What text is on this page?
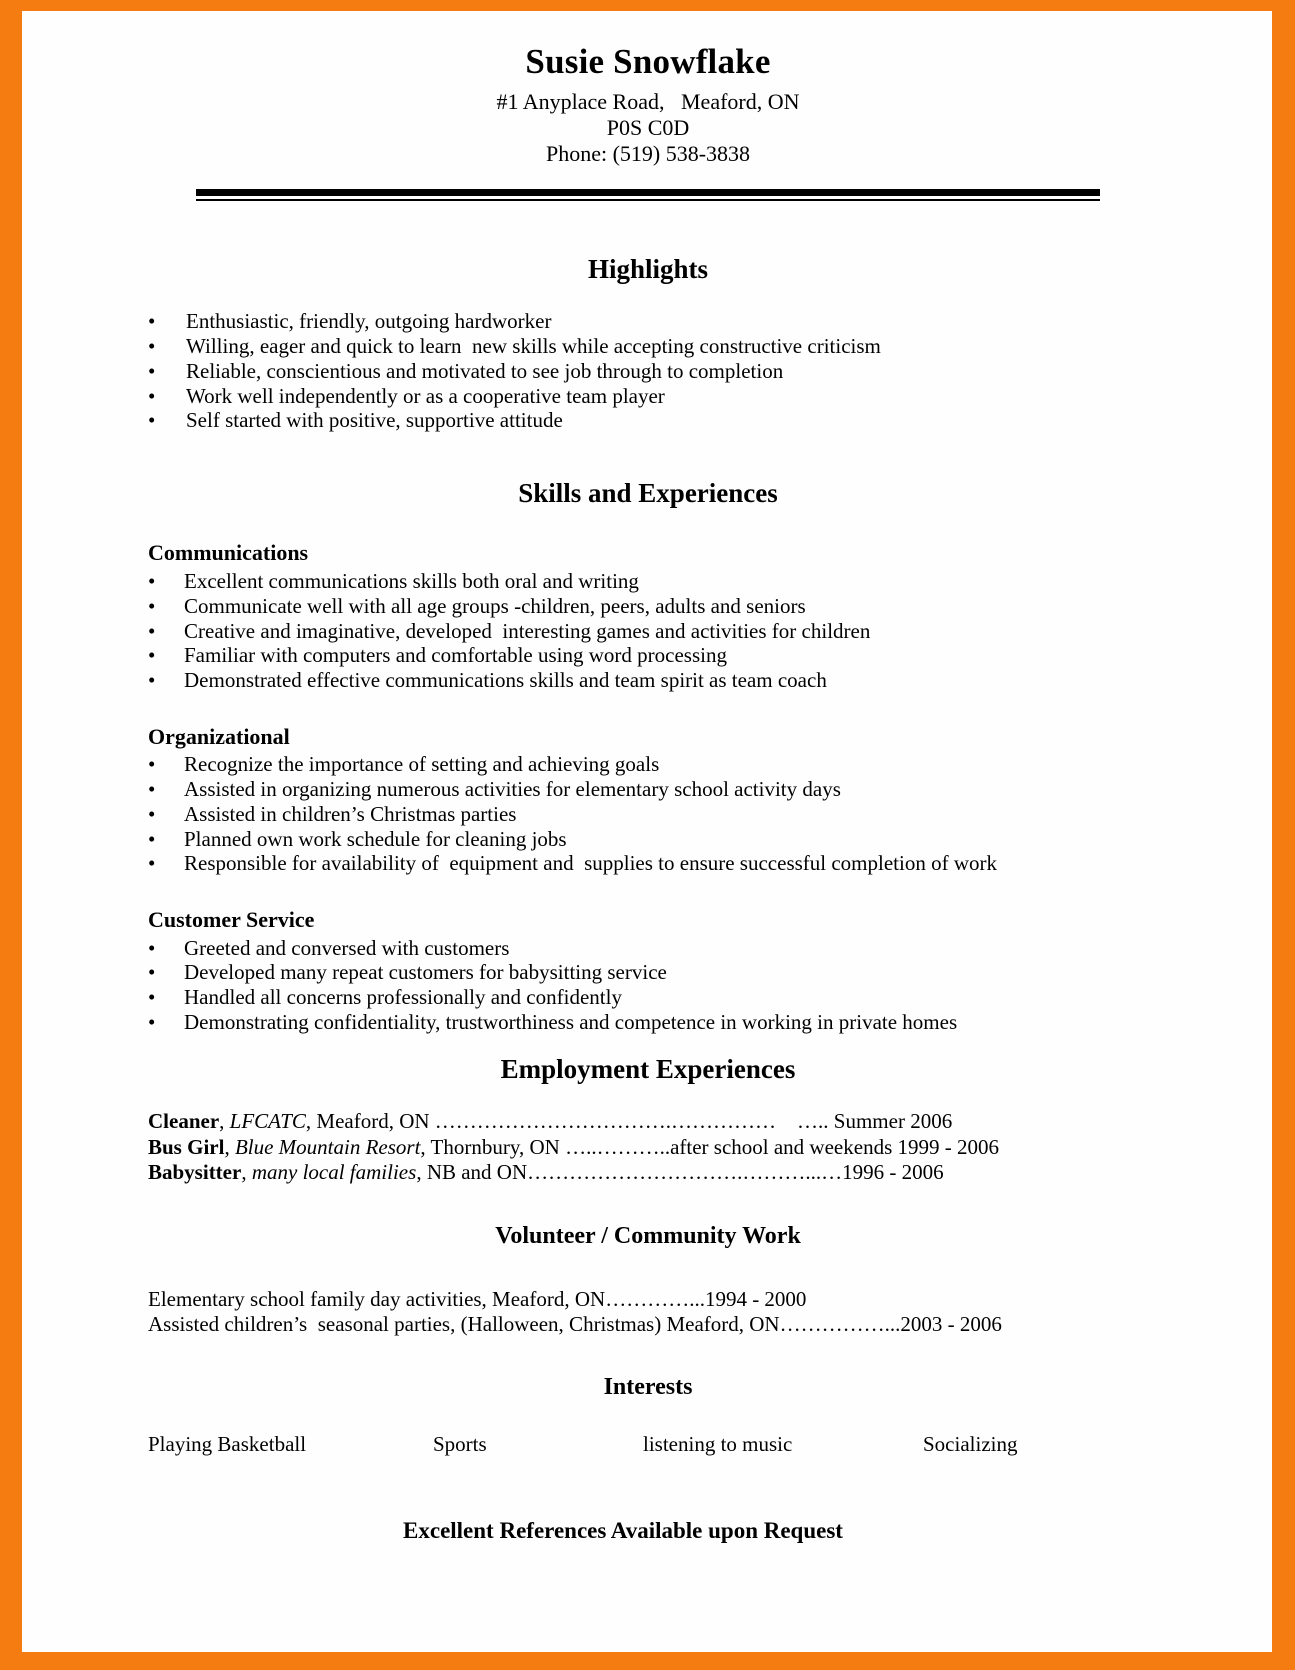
Susie Snowflake
#1 Anyplace Road,   Meaford, ON
P0S C0D
Phone: (519) 538-3838
Highlights
• Enthusiastic, friendly, outgoing hardworker
• Willing, eager and quick to learn  new skills while accepting constructive criticism
• Reliable, conscientious and motivated to see job through to completion
• Work well independently or as a cooperative team player
• Self started with positive, supportive attitude
Skills and Experiences
Communications
• Excellent communications skills both oral and writing
• Communicate well with all age groups -children, peers, adults and seniors
• Creative and imaginative, developed  interesting games and activities for children
• Familiar with computers and comfortable using word processing
• Demonstrated effective communications skills and team spirit as team coach
Organizational
• Recognize the importance of setting and achieving goals
• Assisted in organizing numerous activities for elementary school activity days
• Assisted in children’s Christmas parties
• Planned own work schedule for cleaning jobs
• Responsible for availability of  equipment and  supplies to ensure successful completion of work
Customer Service
• Greeted and conversed with customers
• Developed many repeat customers for babysitting service
• Handled all concerns professionally and confidently
• Demonstrating confidentiality, trustworthiness and competence in working in private homes
Employment Experiences
Cleaner, LFCATC, Meaford, ON …………………………….……………    ….. Summer 2006
Bus Girl, Blue Mountain Resort, Thornbury, ON …..………..after school and weekends 1999 - 2006
Babysitter, many local families, NB and ON………………………….………...…1996 - 2006
Volunteer / Community Work
Elementary school family day activities, Meaford, ON…………...1994 - 2000
Assisted children’s  seasonal parties, (Halloween, Christmas) Meaford, ON……………...2003 - 2006
Interests
Playing Basketball	Sports	listening to music	Socializing
Excellent References Available upon Request
